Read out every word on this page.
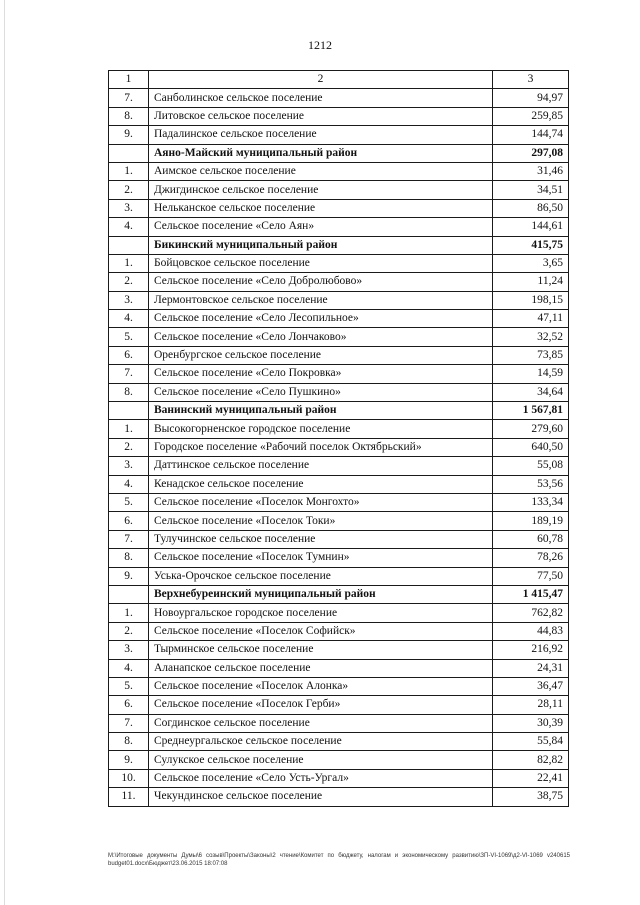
1212
1	2	3
7.	Санболинское сельское поселение	94,97
8.	Литовское сельское поселение	259,85
9.	Падалинское сельское поселение	144,74
	Аяно-Майский муниципальный район	297,08
1.	Аимское сельское поселение	31,46
2.	Джигдинское сельское поселение	34,51
3.	Нельканское сельское поселение	86,50
4.	Сельское поселение «Село Аян»	144,61
	Бикинский муниципальный район	415,75
1.	Бойцовское сельское поселение	3,65
2.	Сельское поселение «Село Добролюбово»	11,24
3.	Лермонтовское сельское поселение	198,15
4.	Сельское поселение «Село Лесопильное»	47,11
5.	Сельское поселение «Село Лончаково»	32,52
6.	Оренбургское сельское поселение	73,85
7.	Сельское поселение «Село Покровка»	14,59
8.	Сельское поселение «Село Пушкино»	34,64
	Ванинский муниципальный район	1 567,81
1.	Высокогорненское городское поселение	279,60
2.	Городское поселение «Рабочий поселок Октябрьский»	640,50
3.	Даттинское сельское поселение	55,08
4.	Кенадское сельское поселение	53,56
5.	Сельское поселение «Поселок Монгохто»	133,34
6.	Сельское поселение «Поселок Токи»	189,19
7.	Тулучинское сельское поселение	60,78
8.	Сельское поселение «Поселок Тумнин»	78,26
9.	Уська-Орочское сельское поселение	77,50
	Верхнебуреинский муниципальный район	1 415,47
1.	Новоургальское городское поселение	762,82
2.	Сельское поселение «Поселок Софийск»	44,83
3.	Тырминское сельское поселение	216,92
4.	Аланапское сельское поселение	24,31
5.	Сельское поселение «Поселок Алонка»	36,47
6.	Сельское поселение «Поселок Герби»	28,11
7.	Согдинское сельское поселение	30,39
8.	Среднеургальское сельское поселение	55,84
9.	Сулукское сельское поселение	82,82
10.	Сельское поселение «Село Усть-Ургал»	22,41
11.	Чекундинское сельское поселение	38,75
M:\Итоговые документы Думы\6 созыв\Проекты\Законы\2 чтение\Комитет по бюджету, налогам и экономическому развитию\ЗП-VI-1069\д2-VI-1069 v240615 budget01.docx\Бюджет\23.06.2015 18:07:08
